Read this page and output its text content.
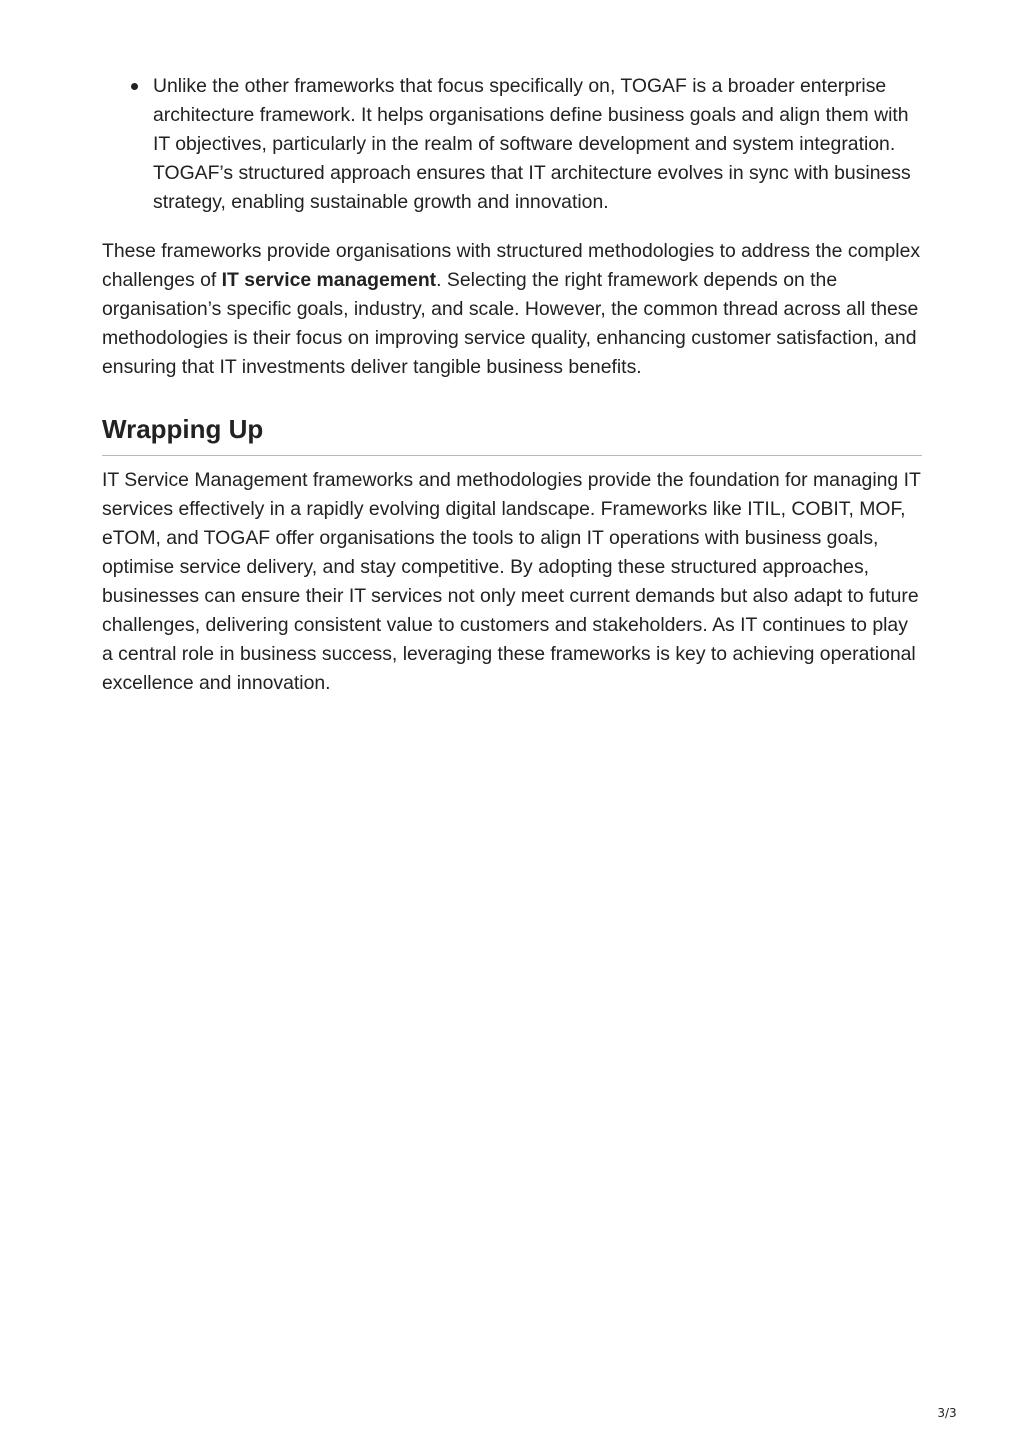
Unlike the other frameworks that focus specifically on, TOGAF is a broader enterprise architecture framework. It helps organisations define business goals and align them with IT objectives, particularly in the realm of software development and system integration. TOGAF’s structured approach ensures that IT architecture evolves in sync with business strategy, enabling sustainable growth and innovation.

These frameworks provide organisations with structured methodologies to address the complex challenges of IT service management. Selecting the right framework depends on the organisation’s specific goals, industry, and scale. However, the common thread across all these methodologies is their focus on improving service quality, enhancing customer satisfaction, and ensuring that IT investments deliver tangible business benefits.

Wrapping Up

IT Service Management frameworks and methodologies provide the foundation for managing IT services effectively in a rapidly evolving digital landscape. Frameworks like ITIL, COBIT, MOF, eTOM, and TOGAF offer organisations the tools to align IT operations with business goals, optimise service delivery, and stay competitive. By adopting these structured approaches, businesses can ensure their IT services not only meet current demands but also adapt to future challenges, delivering consistent value to customers and stakeholders. As IT continues to play a central role in business success, leveraging these frameworks is key to achieving operational excellence and innovation.

3/3
